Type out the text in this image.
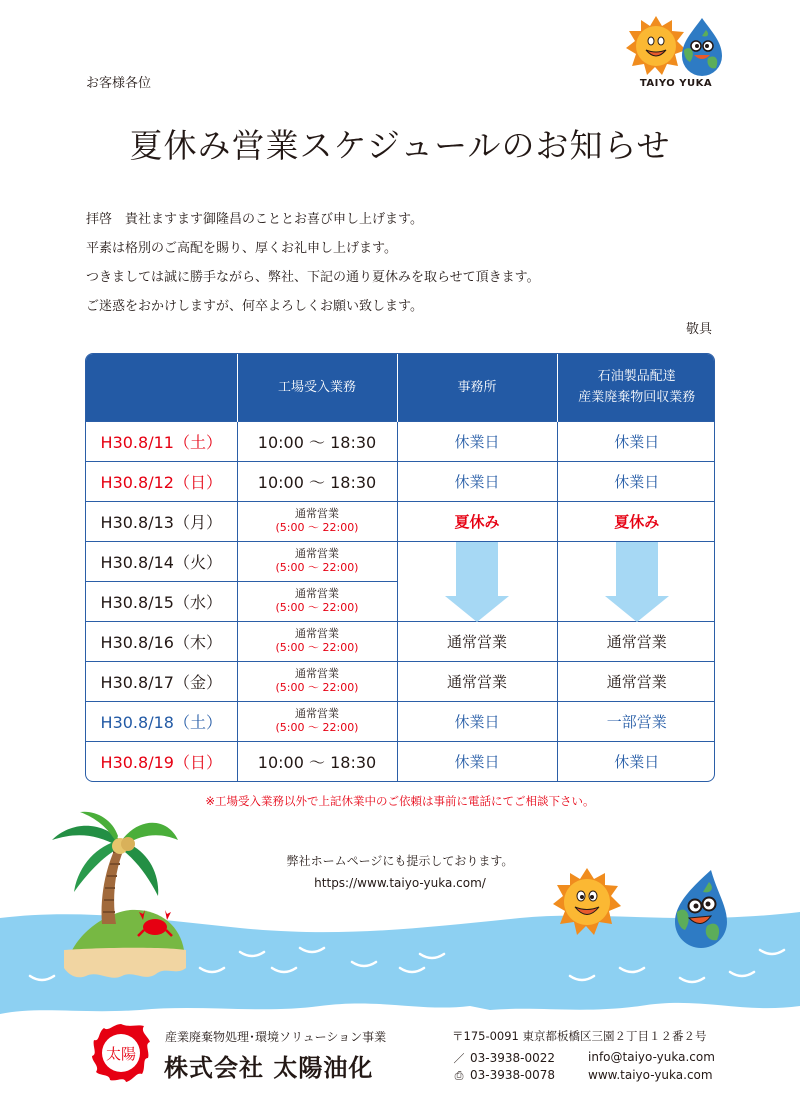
お客様各位	TAIYO YUKA
夏休み営業スケジュールのお知らせ

拝啓　貴社ますます御隆昌のこととお喜び申し上げます。

平素は格別のご高配を賜り、厚くお礼申し上げます。

つきましては誠に勝手ながら、弊社、下記の通り夏休みを取らせて頂きます。

ご迷惑をおかけしますが、何卒よろしくお願い致します。

敬具
	工場受入業務	事務所	石油製品配達
産業廃棄物回収業務

H30.8/11（土）	10:00 ～ 18:30	休業日	休業日
H30.8/12（日）	10:00 ～ 18:30	休業日	休業日
H30.8/13（月）	通常営業
(5:00 ～ 22:00)	夏休み	夏休み
H30.8/14（火）	通常営業
(5:00 ～ 22:00)

H30.8/15（水）	通常営業
(5:00 ～ 22:00)		

H30.8/16（木）	通常営業
(5:00 ～ 22:00)	通常営業	通常営業
H30.8/17（金）	通常営業
(5:00 ～ 22:00)	通常営業	通常営業
H30.8/18（土）	通常営業
(5:00 ～ 22:00)	休業日	一部営業
H30.8/19（日）	10:00 ～ 18:30	休業日	休業日
※工場受入業務以外で上記休業中のご依頼は事前に電話にてご相談下さい。
弊社ホームページにも提示しております。
https://www.taiyo-yuka.com/
太陽
産業廃棄物処理･環境ソリューション事業
株式会社 太陽油化
〒175-0091 東京都板橋区三園２丁目１２番２号
／ 03-3938-0022
⎙ 03-3938-0078
info@taiyo-yuka.com
www.taiyo-yuka.com
